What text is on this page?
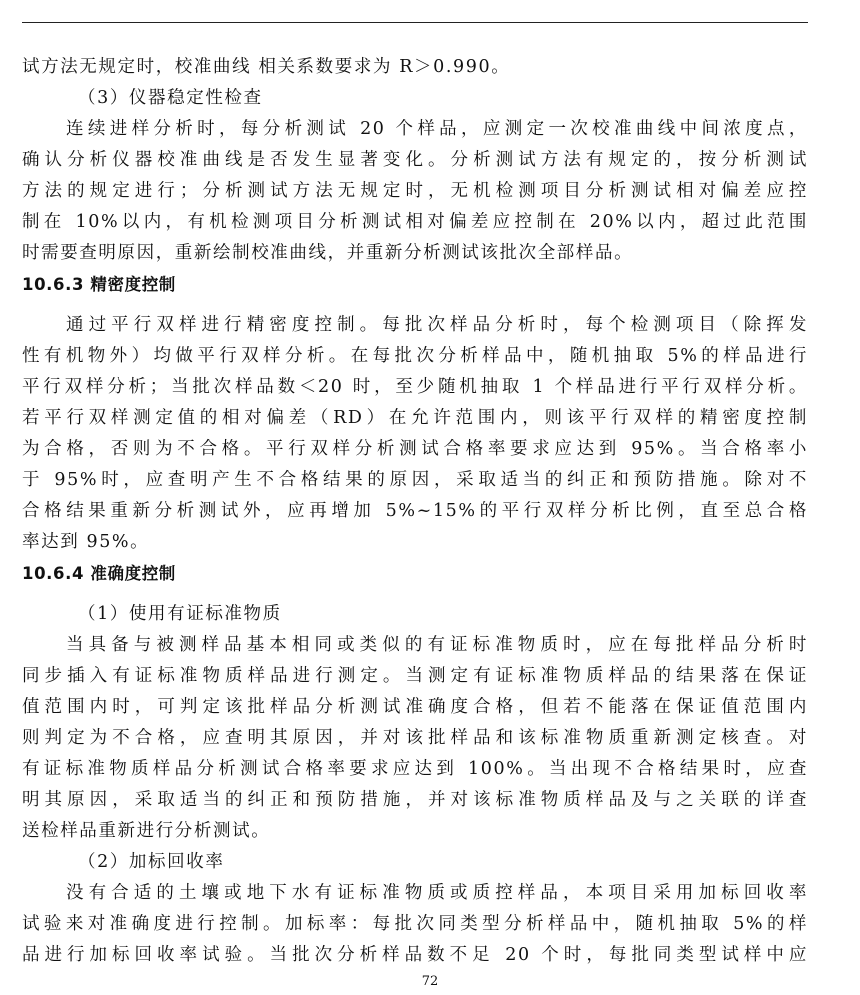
试方法无规定时，校准曲线 相关系数要求为 R＞0.990。
（3）仪器稳定性检查
连续进样分析时，每分析测试 20 个样品，应测定一次校准曲线中间浓度点，
确认分析仪器校准曲线是否发生显著变化。分析测试方法有规定的，按分析测试
方法的规定进行；分析测试方法无规定时，无机检测项目分析测试相对偏差应控
制在 10%以内，有机检测项目分析测试相对偏差应控制在 20%以内，超过此范围
时需要查明原因，重新绘制校准曲线，并重新分析测试该批次全部样品。
10.6.3 精密度控制
通过平行双样进行精密度控制。每批次样品分析时，每个检测项目（除挥发
性有机物外）均做平行双样分析。在每批次分析样品中，随机抽取 5%的样品进行
平行双样分析；当批次样品数＜20 时，至少随机抽取 1 个样品进行平行双样分析。
若平行双样测定值的相对偏差（RD）在允许范围内，则该平行双样的精密度控制
为合格，否则为不合格。平行双样分析测试合格率要求应达到 95%。当合格率小
于 95%时，应查明产生不合格结果的原因，采取适当的纠正和预防措施。除对不
合格结果重新分析测试外，应再增加 5%~15%的平行双样分析比例，直至总合格
率达到 95%。
10.6.4 准确度控制
（1）使用有证标准物质
当具备与被测样品基本相同或类似的有证标准物质时，应在每批样品分析时
同步插入有证标准物质样品进行测定。当测定有证标准物质样品的结果落在保证
值范围内时，可判定该批样品分析测试准确度合格，但若不能落在保证值范围内
则判定为不合格，应查明其原因，并对该批样品和该标准物质重新测定核查。对
有证标准物质样品分析测试合格率要求应达到 100%。当出现不合格结果时，应查
明其原因，采取适当的纠正和预防措施，并对该标准物质样品及与之关联的详查
送检样品重新进行分析测试。
（2）加标回收率
没有合适的土壤或地下水有证标准物质或质控样品，本项目采用加标回收率
试验来对准确度进行控制。加标率：每批次同类型分析样品中，随机抽取 5%的样
品进行加标回收率试验。当批次分析样品数不足 20 个时，每批同类型试样中应
72
